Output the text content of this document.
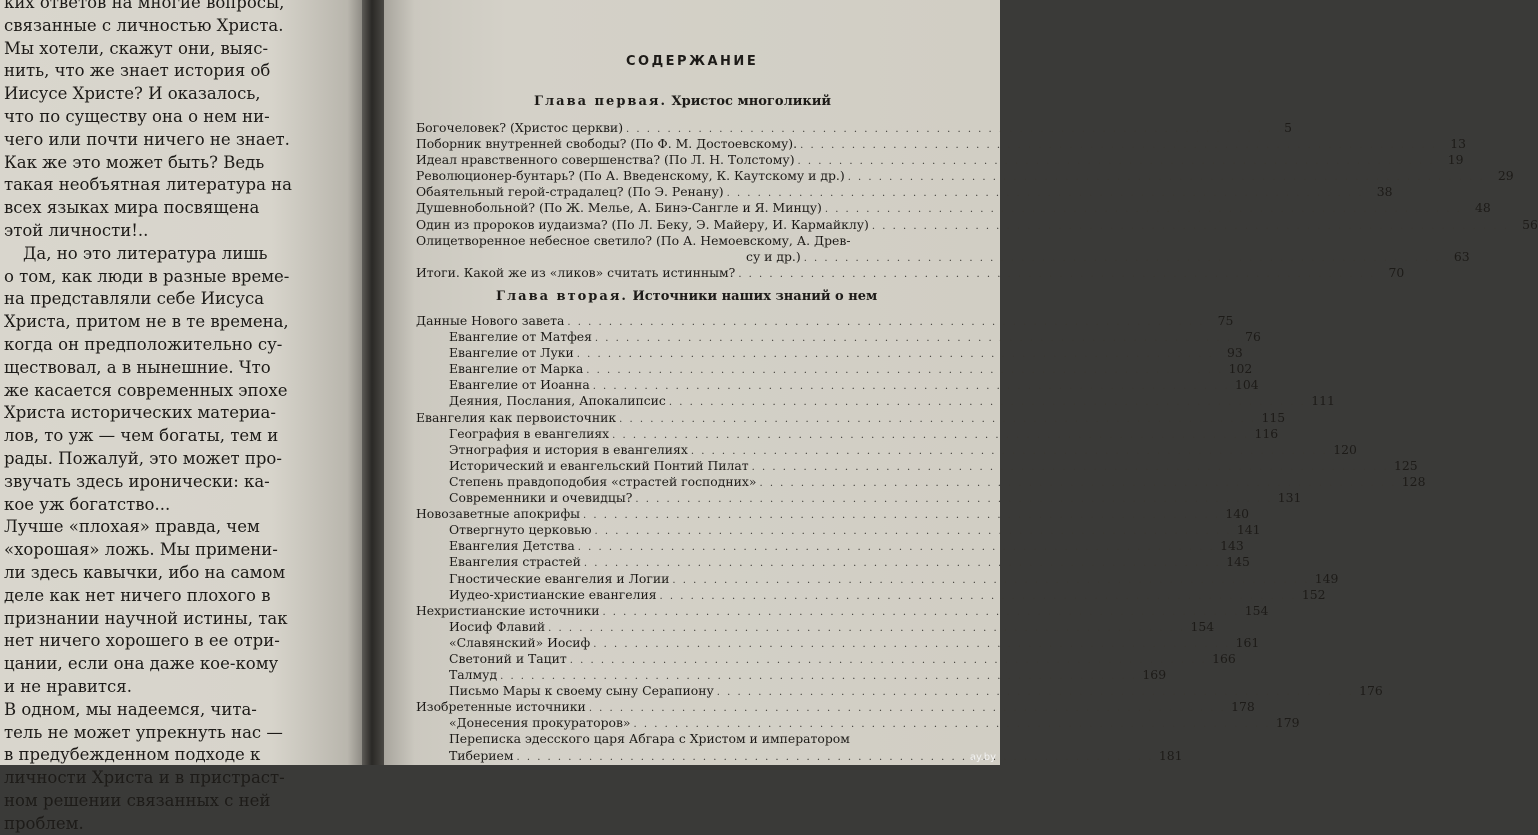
ких ответов на многие вопросы,
связанные с личностью Христа.
Мы хотели, скажут они, выяс-
нить, что же знает история об
Иисусе Христе? И оказалось,
что по существу она о нем ни-
чего или почти ничего не знает.
Как же это может быть? Ведь
такая необъятная литература на
всех языках мира посвящена
этой личности!..
Да, но это литература лишь
о том, как люди в разные време-
на представляли себе Иисуса
Христа, притом не в те времена,
когда он предположительно су-
ществовал, а в нынешние. Что
же касается современных эпохе
Христа исторических материа-
лов, то уж — чем богаты, тем и
рады. Пожалуй, это может про-
звучать здесь иронически: ка-
кое уж богатство...
Лучше «плохая» правда, чем
«хорошая» ложь. Мы примени-
ли здесь кавычки, ибо на самом
деле как нет ничего плохого в
признании научной истины, так
нет ничего хорошего в ее отри-
цании, если она даже кое-кому
и не нравится.
В одном, мы надеемся, чита-
тель не может упрекнуть нас —
в предубежденном подходе к
личности Христа и в пристраст-
ном решении связанных с ней
проблем.
СОДЕРЖАНИЕ
Глава первая. Христос многоликий
Богочеловек? (Христос церкви) . . .	5
Поборник внутренней свободы? (По Ф. М. Достоевскому). . . .	13
Идеал нравственного совершенства? (По Л. Н. Толстому) . . .	19
Революционер-бунтарь? (По А. Введенскому, К. Каутскому и др.) . . .	29
Обаятельный герой-страдалец? (По Э. Ренану) . . .	38
Душевнобольной? (По Ж. Мелье, А. Бинэ-Сангле и Я. Минцу) . . .	48
Один из пророков иудаизма? (По Л. Беку, Э. Майеру, И. Кармайклу) . . .	56
Олицетворенное небесное светило? (По А. Немоевскому, А. Древ-
су и др.) . . .	63
Итоги. Какой же из «ликов» считать истинным? . . .	70
Глава вторая. Источники наших знаний о нем
Данные Нового завета . . .	75
Евангелие от Матфея . . .	76
Евангелие от Луки . . .	93
Евангелие от Марка . . .	102
Евангелие от Иоанна . . .	104
Деяния, Послания, Апокалипсис . . .	111
Евангелия как первоисточник . . .	115
География в евангелиях . . .	116
Этнография и история в евангелиях . . .	120
Исторический и евангельский Понтий Пилат . . .	125
Степень правдоподобия «страстей господних» . . .	128
Современники и очевидцы? . . .	131
Новозаветные апокрифы . . .	140
Отвергнуто церковью . . .	141
Евангелия Детства . . .	143
Евангелия страстей . . .	145
Гностические евангелия и Логии . . .	149
Иудео-христианские евангелия . . .	152
Нехристианские источники . . .	154
Иосиф Флавий . . .	154
«Славянский» Иосиф . . .	161
Светоний и Тацит . . .	166
Талмуд . . .	169
Письмо Мары к своему сыну Серапиону . . .	176
Изобретенные источники . . .	178
«Донесения прокураторов» . . .	179
Переписка эдесского царя Абгара с Христом и императором
Тиберием . . .	181
ay.by
